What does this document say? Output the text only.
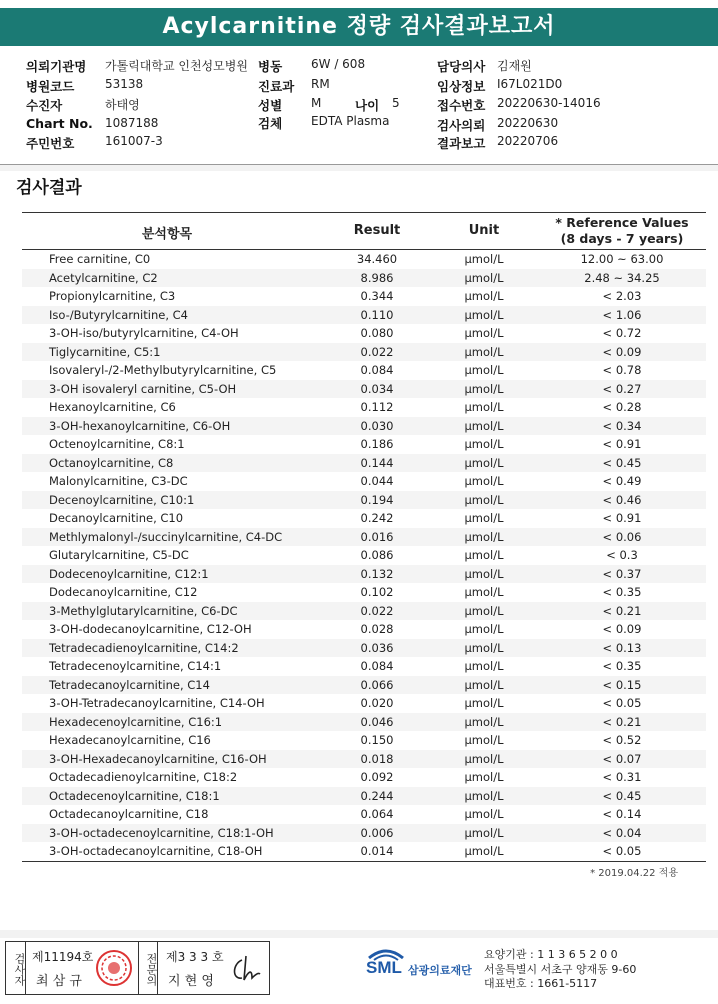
Acylcarnitine 정량 검사결과보고서
의뢰기관명 가톨릭대학교 인천성모병원 병동 6W / 608	담당의사 김재원
병원코드	53138	진료과 RM	임상정보 I67L021D0
수진자	하태영	성별 M	나이 5	접수번호 20220630-14016
Chart No. 1087188	검체 EDTA Plasma	검사의뢰 20220630
주민번호	161007-3	결과보고 20220706
검사결과
분석항목	Result	Unit
* Reference Values
(8 days - 7 years)
Free carnitine, C0	34.460	μmol/L	12.00 ~ 63.00
Acetylcarnitine, C2	8.986	μmol/L	2.48 ~ 34.25
Propionylcarnitine, C3	0.344	μmol/L	< 2.03
Iso-/Butyrylcarnitine, C4	0.110	μmol/L	< 1.06
3-OH-iso/butyrylcarnitine, C4-OH	0.080	μmol/L	< 0.72
Tiglycarnitine, C5:1	0.022	μmol/L	< 0.09
Isovaleryl-/2-Methylbutyrylcarnitine, C5	0.084	μmol/L	< 0.78
3-OH isovaleryl carnitine, C5-OH	0.034	μmol/L	< 0.27
Hexanoylcarnitine, C6	0.112	μmol/L	< 0.28
3-OH-hexanoylcarnitine, C6-OH	0.030	μmol/L	< 0.34
Octenoylcarnitine, C8:1	0.186	μmol/L	< 0.91
Octanoylcarnitine, C8	0.144	μmol/L	< 0.45
Malonylcarnitine, C3-DC	0.044	μmol/L	< 0.49
Decenoylcarnitine, C10:1	0.194	μmol/L	< 0.46
Decanoylcarnitine, C10	0.242	μmol/L	< 0.91
Methlymalonyl-/succinylcarnitine, C4-DC	0.016	μmol/L	< 0.06
Glutarylcarnitine, C5-DC	0.086	μmol/L	< 0.3
Dodecenoylcarnitine, C12:1	0.132	μmol/L	< 0.37
Dodecanoylcarnitine, C12	0.102	μmol/L	< 0.35
3-Methylglutarylcarnitine, C6-DC	0.022	μmol/L	< 0.21
3-OH-dodecanoylcarnitine, C12-OH	0.028	μmol/L	< 0.09
Tetradecadienoylcarnitine, C14:2	0.036	μmol/L	< 0.13
Tetradecenoylcarnitine, C14:1	0.084	μmol/L	< 0.35
Tetradecanoylcarnitine, C14	0.066	μmol/L	< 0.15
3-OH-Tetradecanoylcarnitine, C14-OH	0.020	μmol/L	< 0.05
Hexadecenoylcarnitine, C16:1	0.046	μmol/L	< 0.21
Hexadecanoylcarnitine, C16	0.150	μmol/L	< 0.52
3-OH-Hexadecanoylcarnitine, C16-OH	0.018	μmol/L	< 0.07
Octadecadienoylcarnitine, C18:2	0.092	μmol/L	< 0.31
Octadecenoylcarnitine, C18:1	0.244	μmol/L	< 0.45
Octadecanoylcarnitine, C18	0.064	μmol/L	< 0.14
3-OH-octadecenoylcarnitine, C18:1-OH	0.006	μmol/L	< 0.04
3-OH-octadecanoylcarnitine, C18-OH	0.014	μmol/L	< 0.05
* 2019.04.22 적용
검사자 제11194호
최 삼 규	전문의 제3 3 3 호
지 현 영
SML 삼광의료재단
요양기관 : 1 1 3 6 5 2 0 0
서울특별시 서초구 양재동 9-60
대표번호 : 1661-5117
